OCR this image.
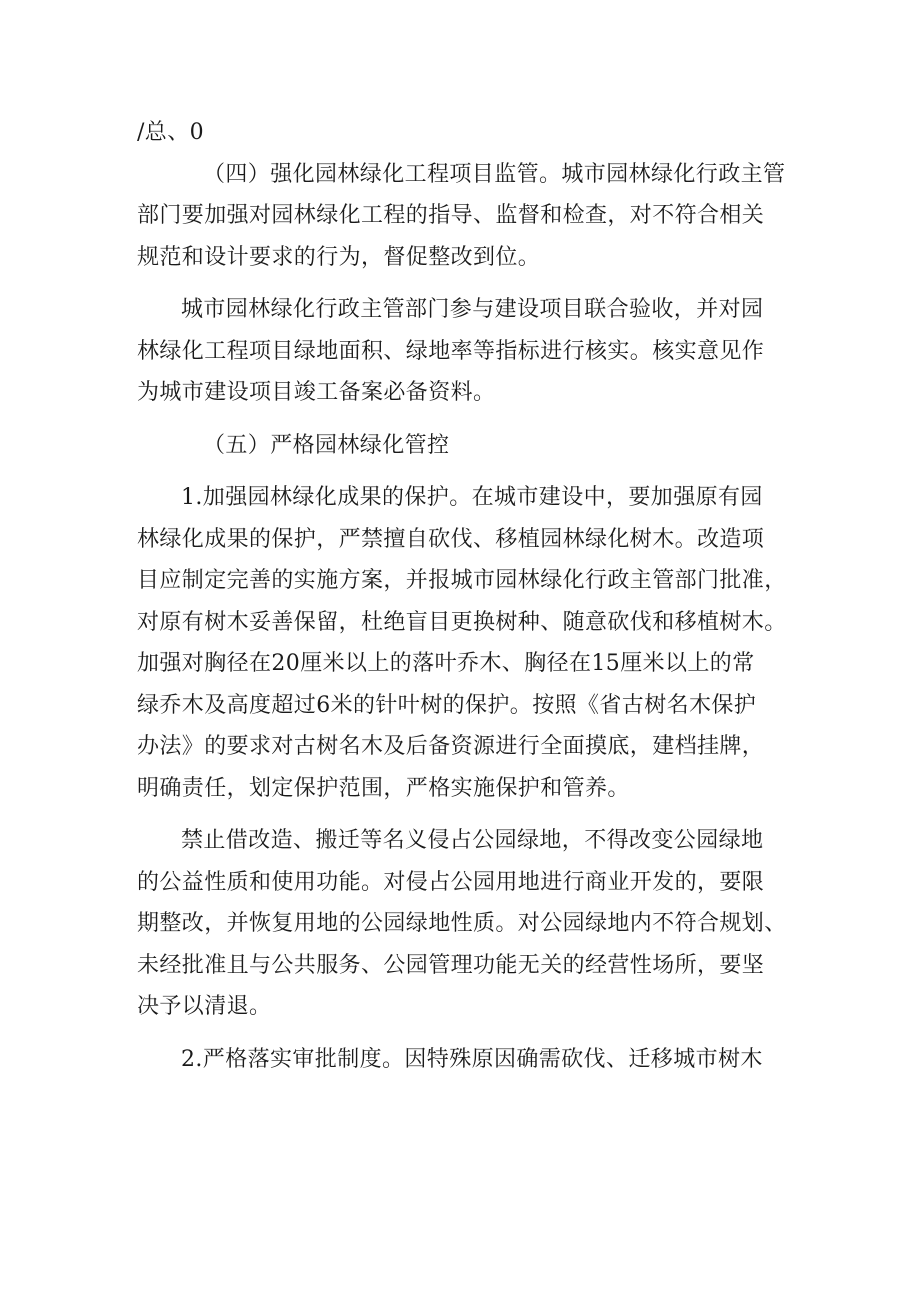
/总、0
（四）强化园林绿化工程项目监管。城市园林绿化行政主管
部门要加强对园林绿化工程的指导、监督和检查，对不符合相关
规范和设计要求的行为，督促整改到位。
城市园林绿化行政主管部门参与建设项目联合验收，并对园
林绿化工程项目绿地面积、绿地率等指标进行核实。核实意见作
为城市建设项目竣工备案必备资料。
（五）严格园林绿化管控
1.加强园林绿化成果的保护。在城市建设中，要加强原有园
林绿化成果的保护，严禁擅自砍伐、移植园林绿化树木。改造项
目应制定完善的实施方案，并报城市园林绿化行政主管部门批准，
对原有树木妥善保留，杜绝盲目更换树种、随意砍伐和移植树木。
加强对胸径在20厘米以上的落叶乔木、胸径在15厘米以上的常
绿乔木及高度超过6米的针叶树的保护。按照《省古树名木保护
办法》的要求对古树名木及后备资源进行全面摸底，建档挂牌，
明确责任，划定保护范围，严格实施保护和管养。
禁止借改造、搬迁等名义侵占公园绿地，不得改变公园绿地
的公益性质和使用功能。对侵占公园用地进行商业开发的，要限
期整改，并恢复用地的公园绿地性质。对公园绿地内不符合规划、
未经批准且与公共服务、公园管理功能无关的经营性场所，要坚
决予以清退。
2.严格落实审批制度。因特殊原因确需砍伐、迁移城市树木
